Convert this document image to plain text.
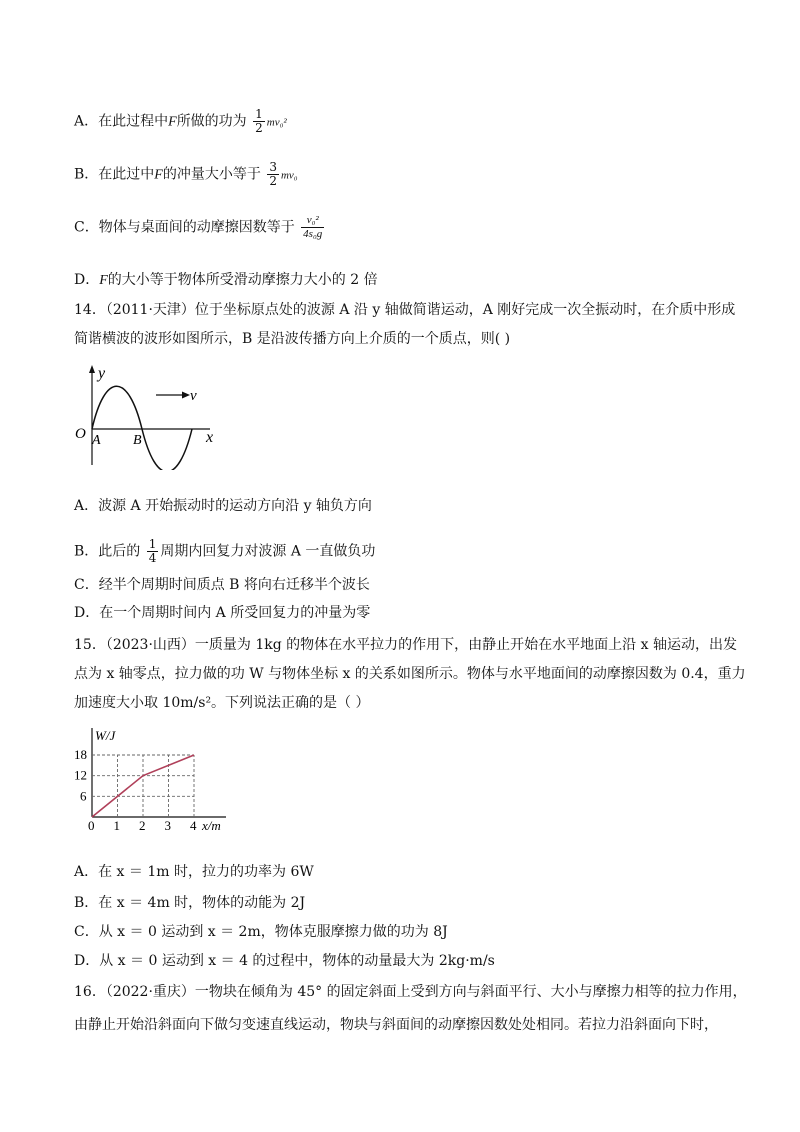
A．在此过程中F所做的功为 $\frac{1}{2} mv_0^2$
B．在此过中F的冲量大小等于 $\frac{3}{2} mv_0$
C．物体与桌面间的动摩擦因数等于 $\frac{\text{v₀²}}{\text{4s₀g}}$
D．F的大小等于物体所受滑动摩擦力大小的 2 倍
14．（2011·天津）位于坐标原点处的波源 A 沿 y 轴做简谐运动，A 刚好完成一次全振动时，在介质中形成
简谐横波的波形如图所示，B 是沿波传播方向上介质的一个质点，则( )
y
v
O A B	x
A．波源 A 开始振动时的运动方向沿 y 轴负方向
B．此后的 $\frac{1}{4}$ 周期内回复力对波源 A 一直做负功
C．经半个周期时间质点 B 将向右迁移半个波长
D．在一个周期时间内 A 所受回复力的冲量为零
15．（2023·山西）一质量为 1kg 的物体在水平拉力的作用下，由静止开始在水平地面上沿 x 轴运动，出发
点为 x 轴零点，拉力做的功 W 与物体坐标 x 的关系如图所示。物体与水平地面间的动摩擦因数为 0.4，重力
加速度大小取 10m/s²。下列说法正确的是（ ）
W/J
x/m
0 1 2 3 4
6
12
18
A．在 x ＝ 1m 时，拉力的功率为 6W
B．在 x ＝ 4m 时，物体的动能为 2J
C．从 x ＝ 0 运动到 x ＝ 2m，物体克服摩擦力做的功为 8J
D．从 x ＝ 0 运动到 x ＝ 4 的过程中，物体的动量最大为 2kg·m/s
16．（2022·重庆）一物块在倾角为 45° 的固定斜面上受到方向与斜面平行、大小与摩擦力相等的拉力作用，
由静止开始沿斜面向下做匀变速直线运动，物块与斜面间的动摩擦因数处处相同。若拉力沿斜面向下时，
